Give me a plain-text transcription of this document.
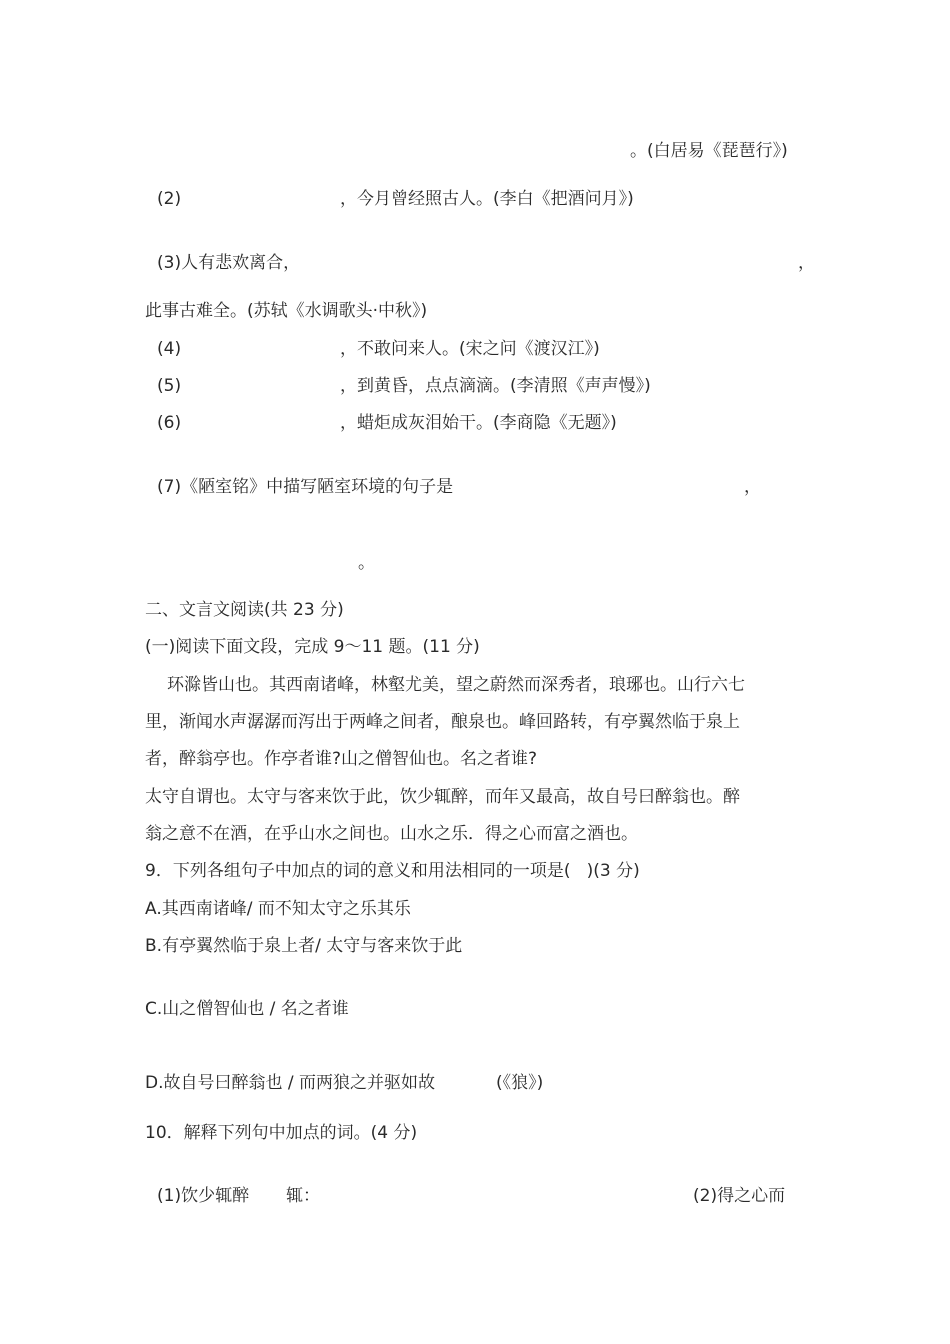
。(白居易《琵琶行》)
(2)	，今月曾经照古人。(李白《把酒问月》)
(3)人有悲欢离合，	，
此事古难全。(苏轼《水调歌头·中秋》)
(4)	，不敢问来人。(宋之问《渡汉江》)
(5)	，到黄昏，点点滴滴。(李清照《声声慢》)
(6)	，蜡炬成灰泪始干。(李商隐《无题》)
(7)《陋室铭》中描写陋室环境的句子是	，
。
二、文言文阅读(共 23 分)
(一)阅读下面文段，完成 9～11 题。(11 分)
环滁皆山也。其西南诸峰，林壑尤美，望之蔚然而深秀者，琅琊也。山行六七
里，渐闻水声潺潺而泻出于两峰之间者，酿泉也。峰回路转，有亭翼然临于泉上
者，醉翁亭也。作亭者谁?山之僧智仙也。名之者谁?
太守自谓也。太守与客来饮于此，饮少辄醉，而年又最高，故自号曰醉翁也。醉
翁之意不在酒，在乎山水之间也。山水之乐．得之心而富之酒也。
9．下列各组句子中加点的词的意义和用法相同的一项是(   )(3 分)
A.其西南诸峰/ 而不知太守之乐其乐
B.有亭翼然临于泉上者/ 太守与客来饮于此
C.山之僧智仙也 / 名之者谁
D.故自号曰醉翁也 / 而两狼之并驱如故	(《狼》)
10．解释下列句中加点的词。(4 分)
(1)饮少辄醉 辄：	(2)得之心而
